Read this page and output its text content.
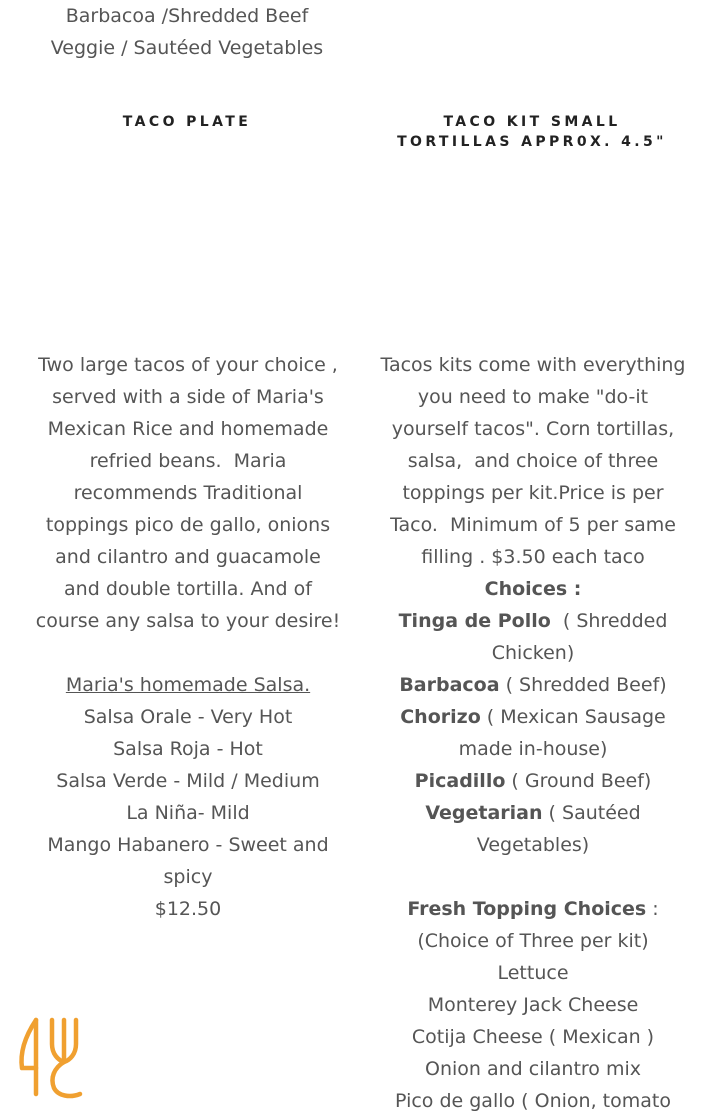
Barbacoa /Shredded Beef
Veggie / Sautéed Vegetables
TACO PLATE	TACO KIT SMALL
TORTILLAS APPR0X. 4.5"
Two large tacos of your choice ,
served with a side of Maria's
Mexican Rice and homemade
refried beans.  Maria
recommends Traditional
toppings pico de gallo, onions
and cilantro and guacamole
and double tortilla. And of
course any salsa to your desire!
Maria's homemade Salsa.
Salsa Orale - Very Hot
Salsa Roja - Hot
Salsa Verde - Mild / Medium
La Niña- Mild
Mango Habanero - Sweet and
spicy
$12.50
Tacos kits come with everything
you need to make "do-it
yourself tacos". Corn tortillas,
salsa,  and choice of three
toppings per kit.Price is per
Taco.  Minimum of 5 per same
filling . $3.50 each taco
Choices :
Tinga de Pollo  ( Shredded
Chicken)
Barbacoa ( Shredded Beef)
Chorizo ( Mexican Sausage
made in-house)
Picadillo ( Ground Beef)
Vegetarian ( Sautéed
Vegetables)
Fresh Topping Choices :
(Choice of Three per kit)
Lettuce
Monterey Jack Cheese
Cotija Cheese ( Mexican )
Onion and cilantro mix
Pico de gallo ( Onion, tomato
